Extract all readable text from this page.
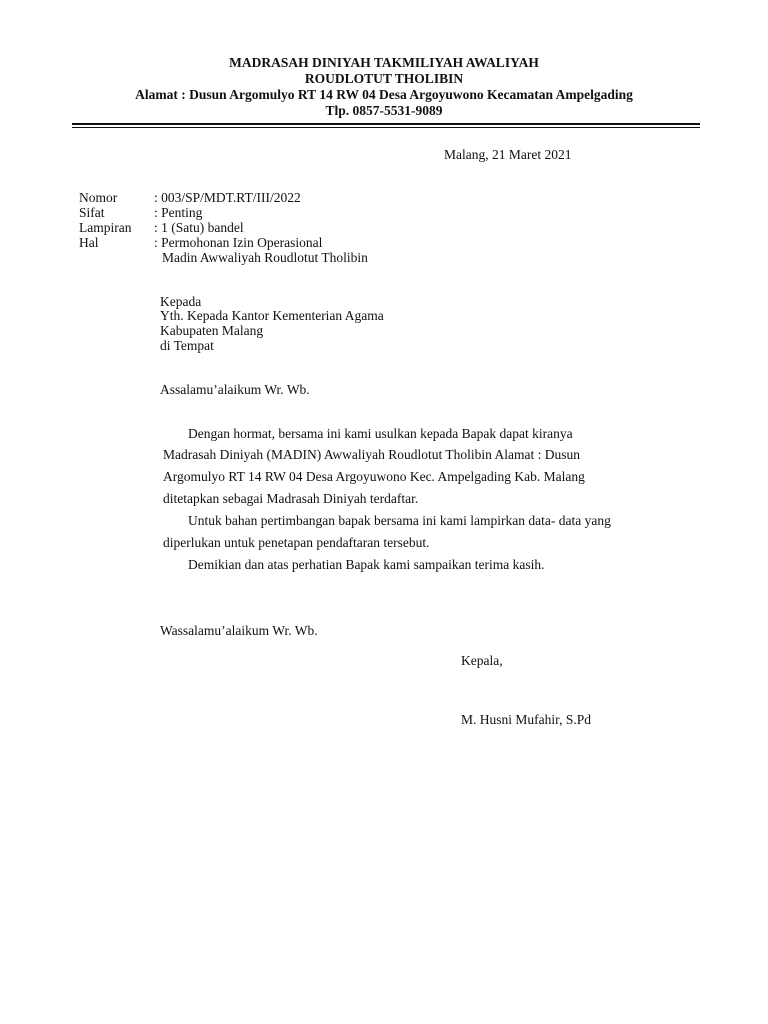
MADRASAH DINIYAH TAKMILIYAH AWALIYAH
ROUDLOTUT THOLIBIN
Alamat : Dusun Argomulyo RT 14 RW 04 Desa Argoyuwono Kecamatan Ampelgading
Tlp. 0857-5531-9089
Malang, 21 Maret 2021
Nomor	: 003/SP/MDT.RT/III/2022
Sifat	: Penting
Lampiran : 1 (Satu) bandel
Hal	: Permohonan Izin Operasional
Madin Awwaliyah Roudlotut Tholibin
Kepada
Yth. Kepada Kantor Kementerian Agama
Kabupaten Malang
di Tempat
Assalamu’alaikum Wr. Wb.
Dengan hormat, bersama ini kami usulkan kepada Bapak dapat kiranya
Madrasah Diniyah (MADIN) Awwaliyah Roudlotut Tholibin Alamat : Dusun
Argomulyo RT 14 RW 04 Desa Argoyuwono Kec. Ampelgading Kab. Malang
ditetapkan sebagai Madrasah Diniyah terdaftar.
Untuk bahan pertimbangan bapak bersama ini kami lampirkan data- data yang
diperlukan untuk penetapan pendaftaran tersebut.
Demikian dan atas perhatian Bapak kami sampaikan terima kasih.
Wassalamu’alaikum Wr. Wb.
Kepala,
M. Husni Mufahir, S.Pd
